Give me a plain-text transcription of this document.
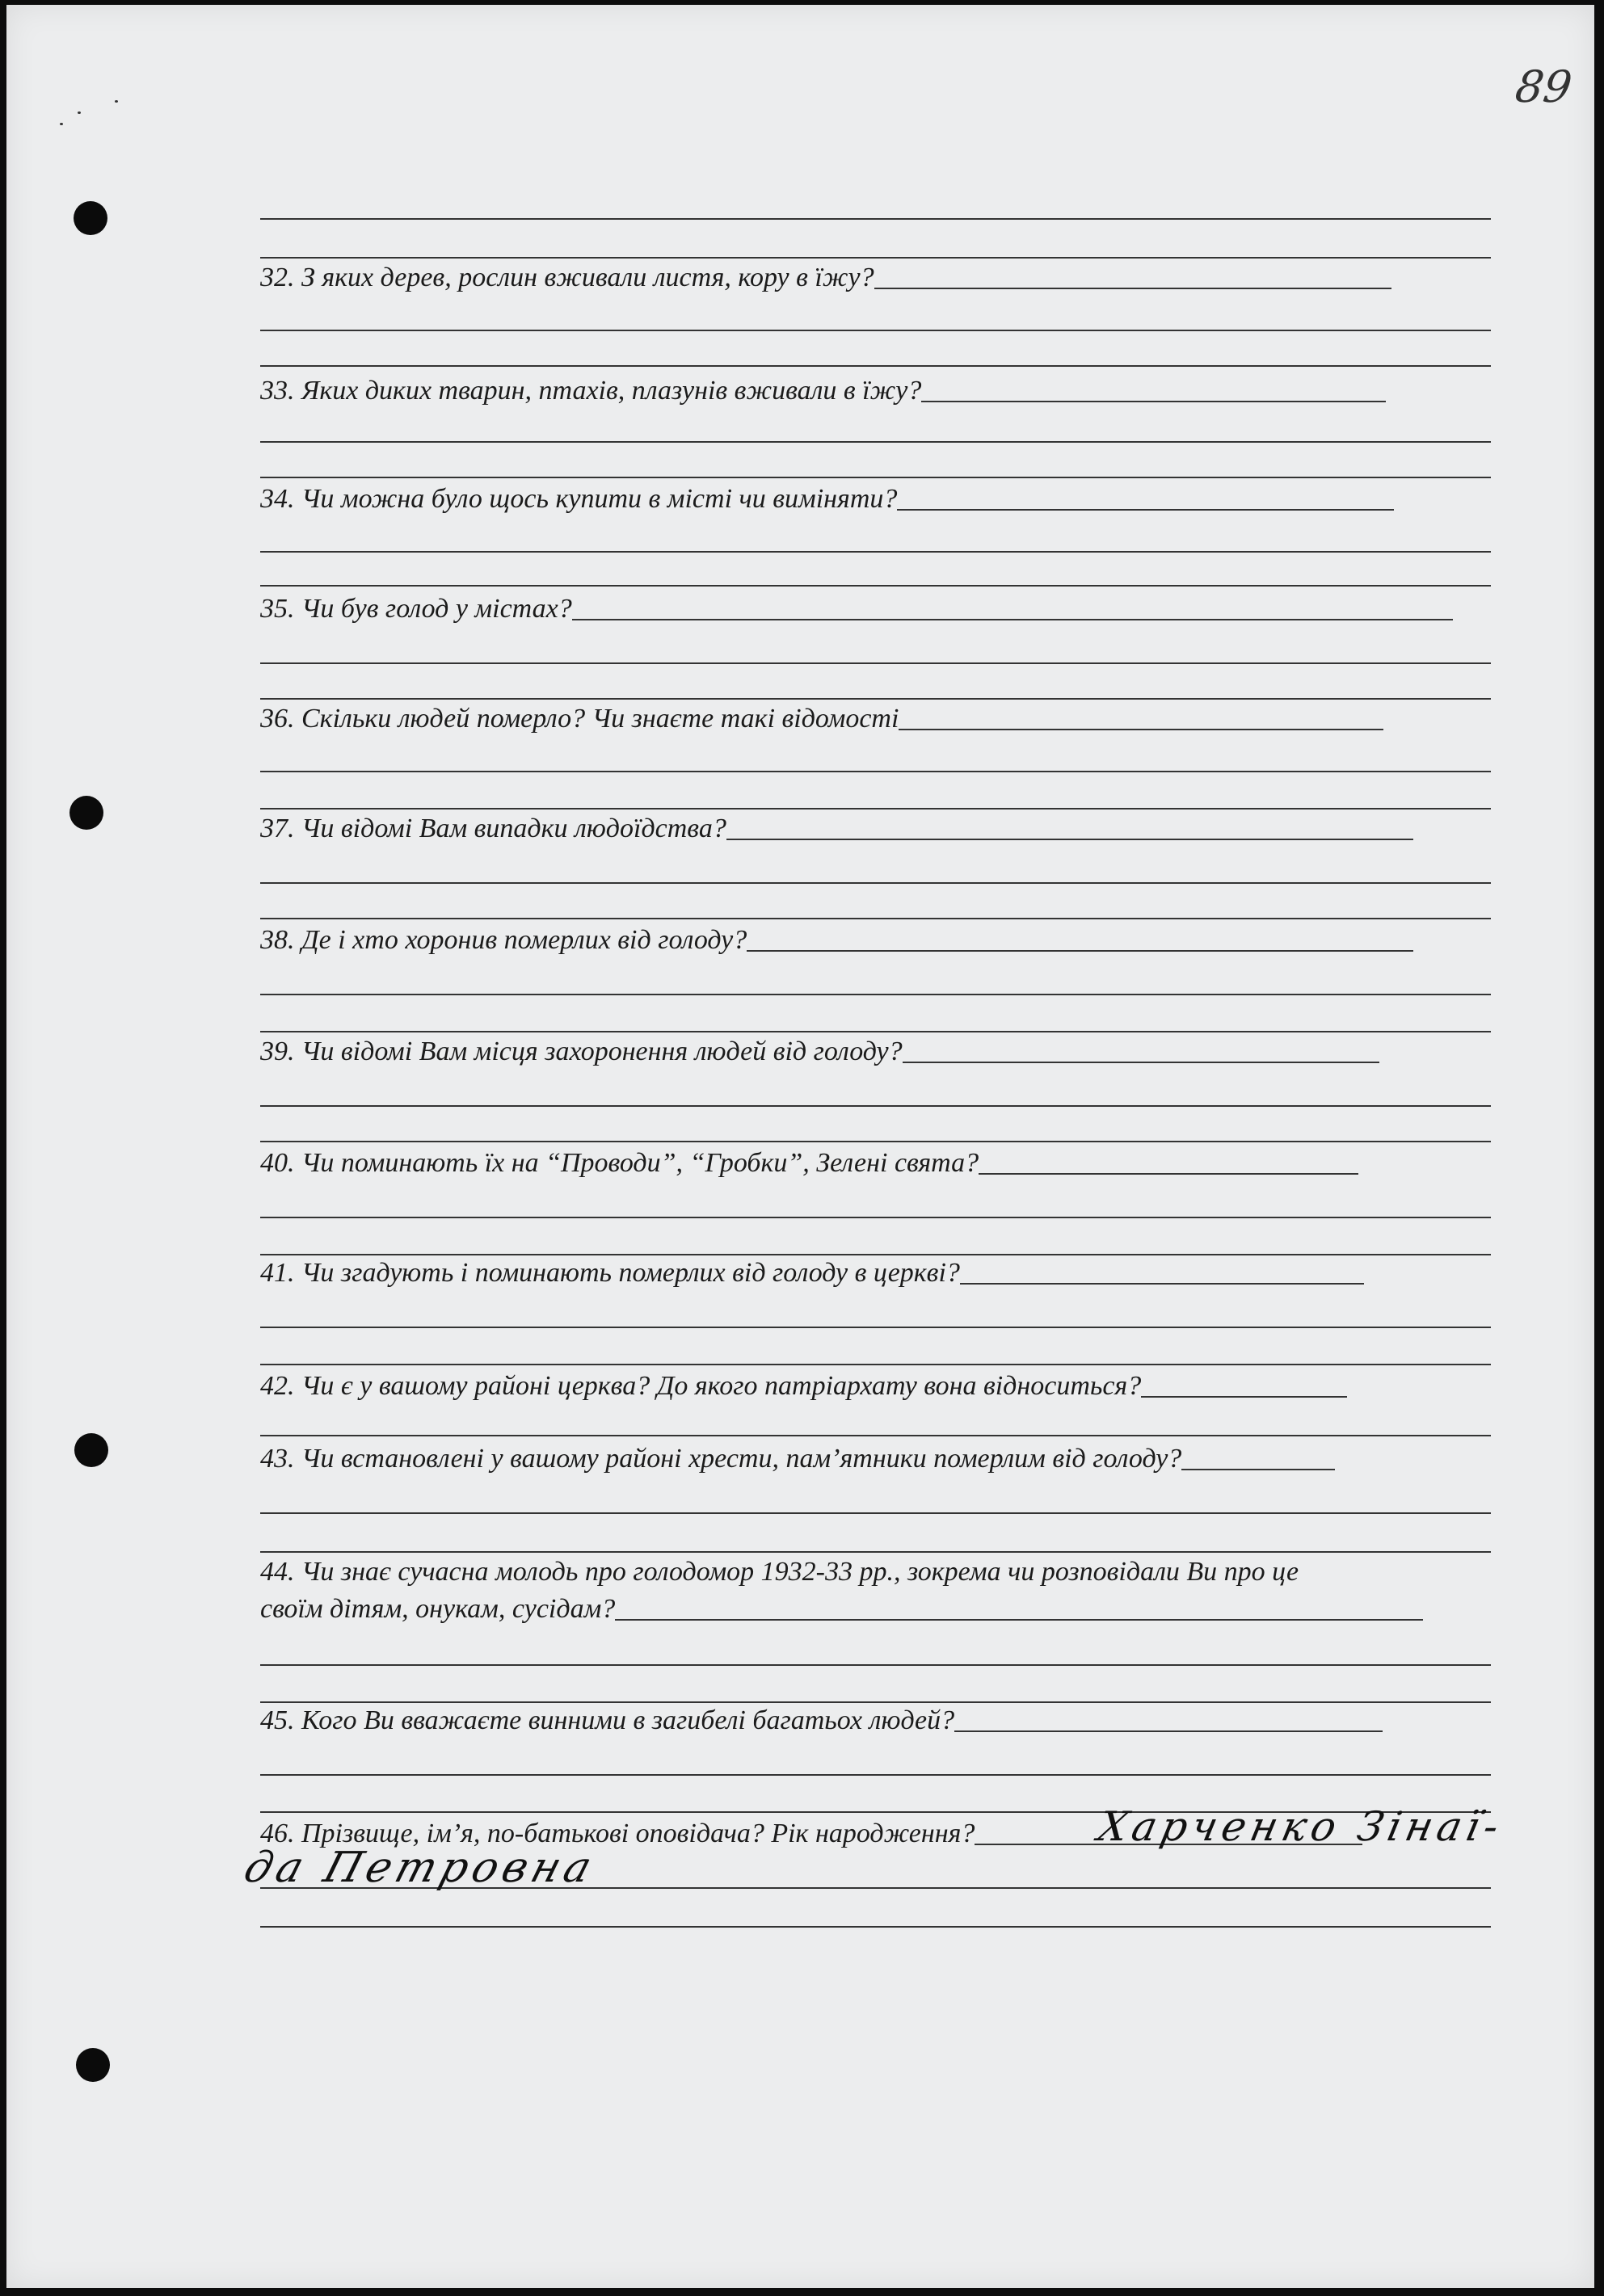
89
32.
З яких дерев, рослин вживали листя, кору в їжу?
33.
Яких диких тварин, птахів, плазунів вживали в їжу?
34.
Чи можна було щось купити в місті чи виміняти?
35.
Чи був голод у містах?
36.
Скільки людей померло? Чи знаєте такі відомості
37.
Чи відомі Вам випадки людоїдства?
38.
Де і хто хоронив померлих від голоду?
39.
Чи відомі Вам місця захоронення людей від голоду?
40.
Чи поминають їх на “Проводи”, “Гробки”, Зелені свята?
41.
Чи згадують і поминають померлих від голоду в церкві?
42.
Чи є у вашому районі церква? До якого патріархату вона відноситься?
43.
Чи встановлені у вашому районі хрести, пам’ятники померлим від голоду?
44.
Чи знає сучасна молодь про голодомор 1932-33 рр., зокрема чи розповідали Ви про це
своїм дітям, онукам, сусідам?
45.
Кого Ви вважаєте винними в загибелі багатьох людей?
46.
Прізвище, ім’я, по-батькові оповідача? Рік народження?	Харченко Зінаї-
да Петровна
